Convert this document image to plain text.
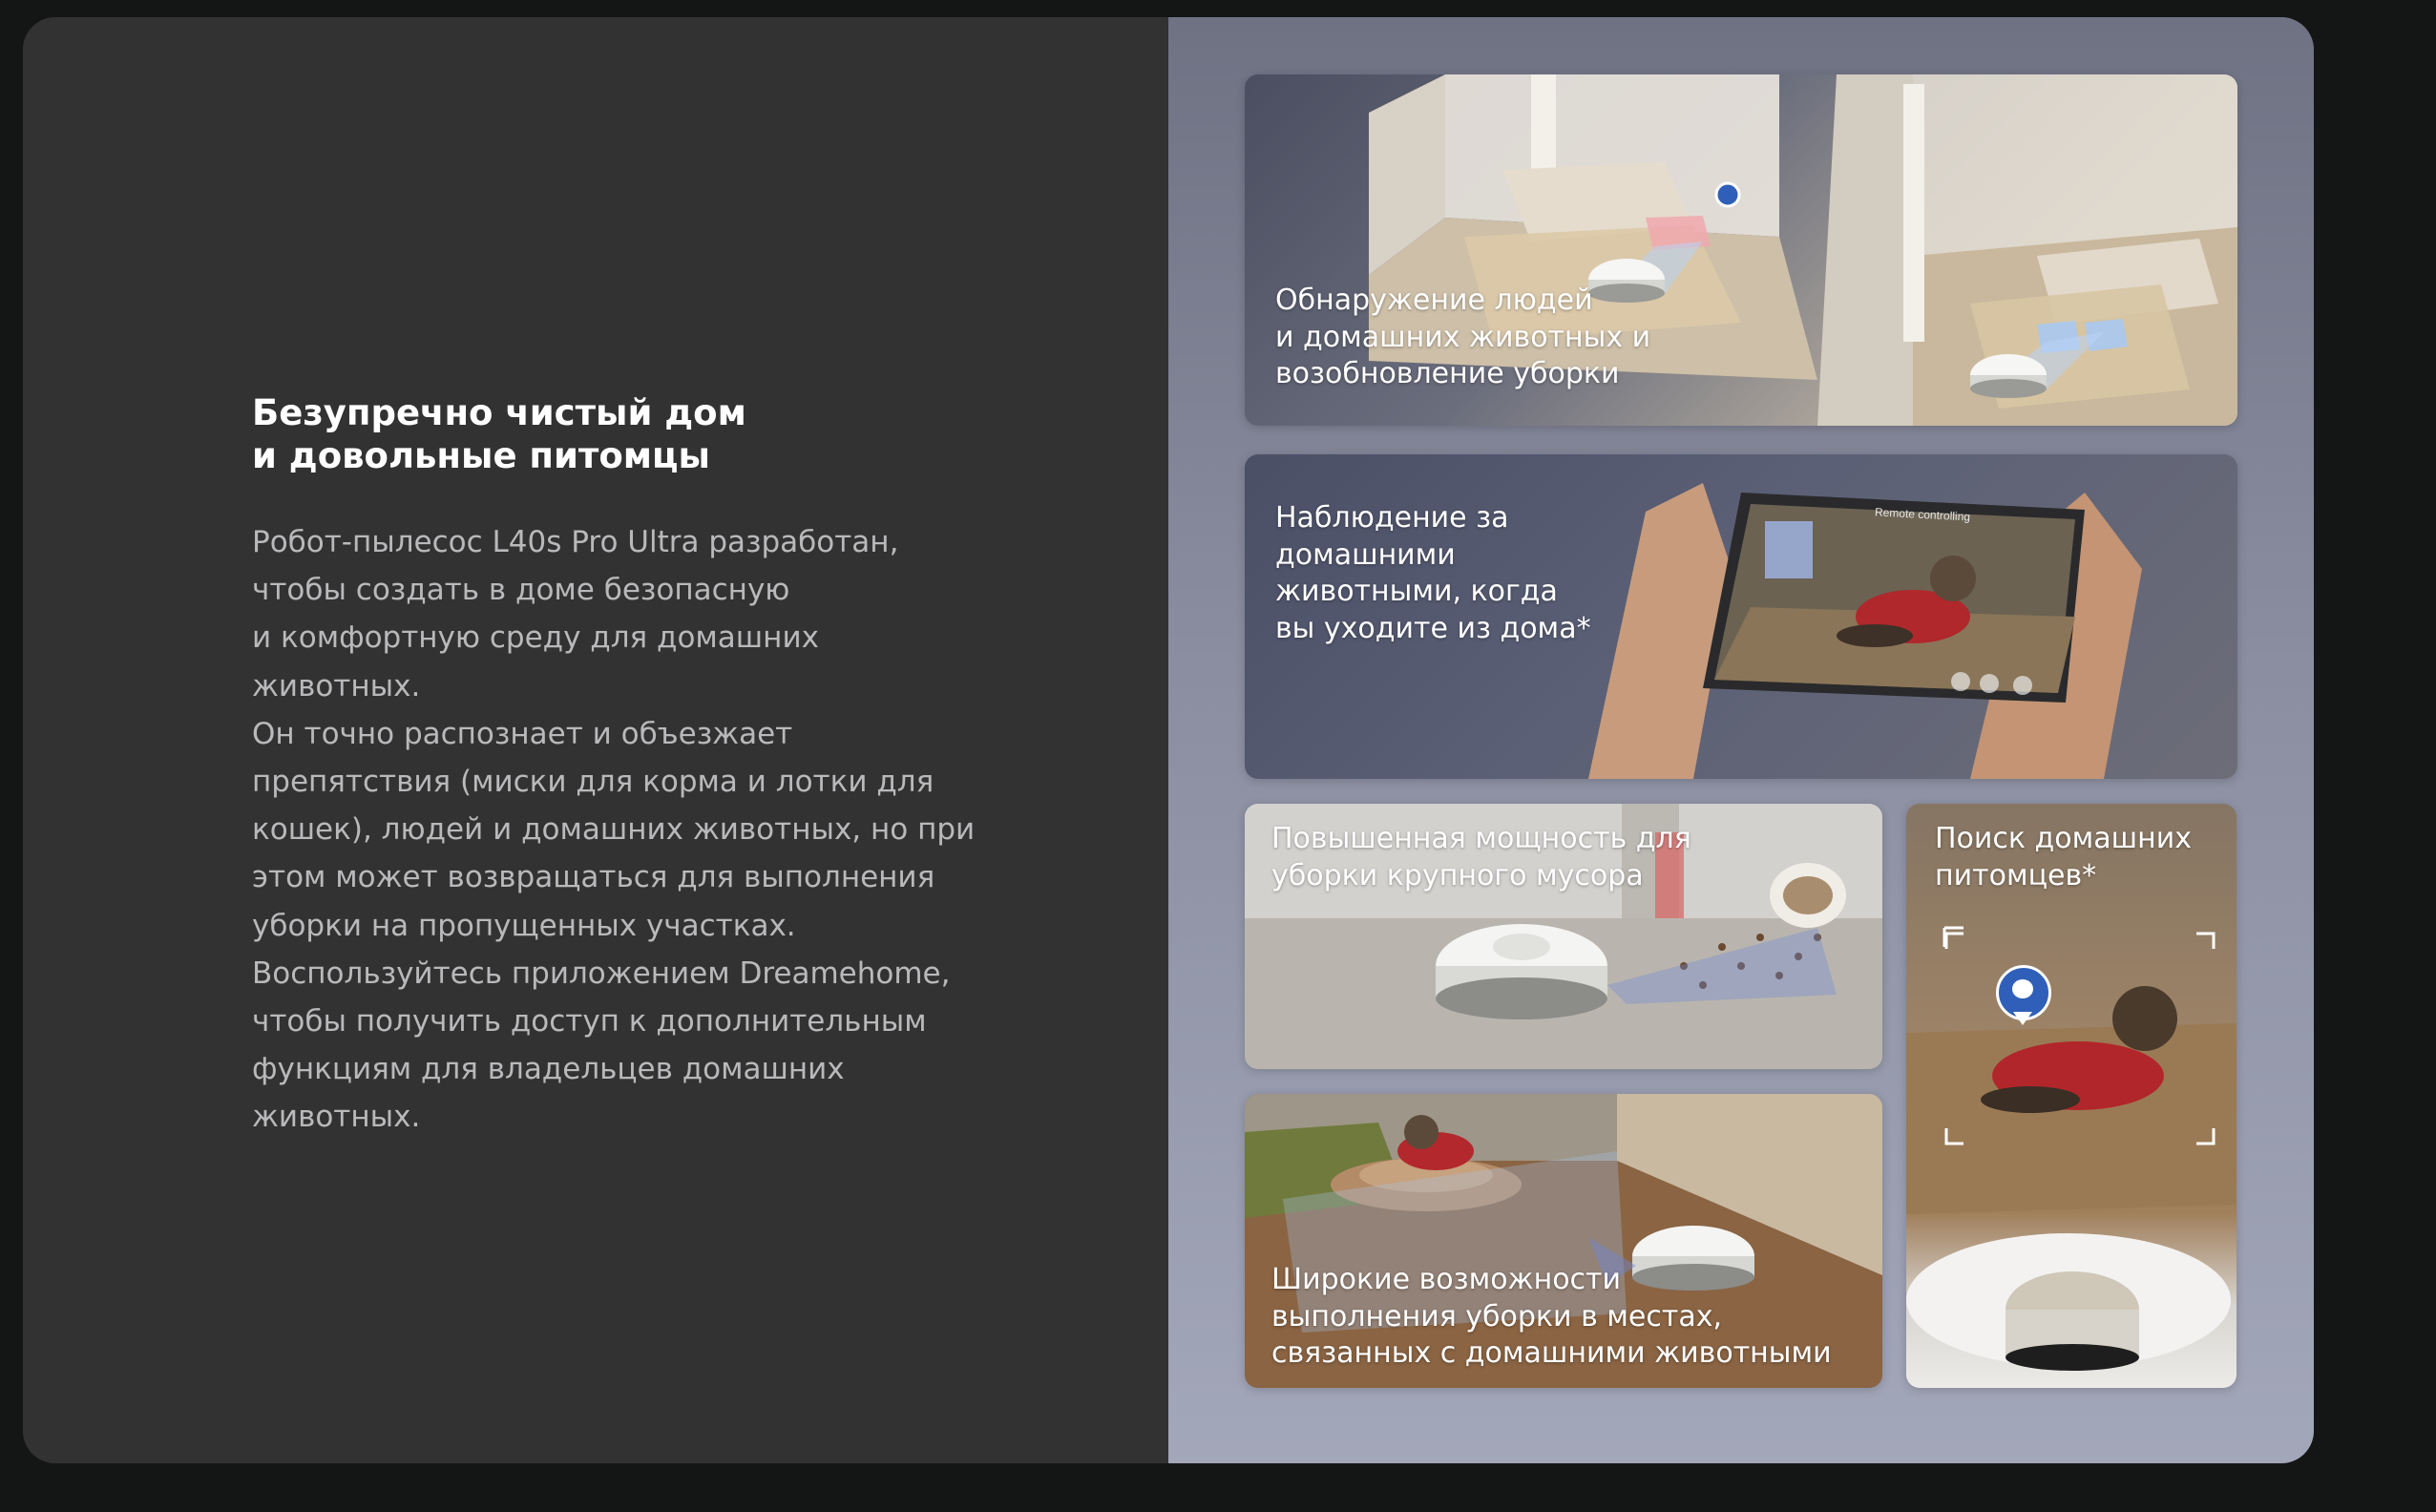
Безупречно чистый дом
и довольные питомцы

Робот-пылесос L40s Pro Ultra разработан,
чтобы создать в доме безопасную
и комфортную среду для домашних животных.
Он точно распознает и объезжает
препятствия (миски для корма и лотки для
кошек), людей и домашних животных, но при
этом может возвращаться для выполнения
уборки на пропущенных участках.
Воспользуйтесь приложением Dreamehome,
чтобы получить доступ к дополнительным
функциям для владельцев домашних
животных.

Обнаружение людей
и домашних животных и
возобновление уборки

Remote controlling

Наблюдение за
домашними
животными, когда
вы уходите из дома*

Повышенная мощность для
уборки крупного мусора

Поиск домашних
питомцев*

Широкие возможности
выполнения уборки в местах,
связанных с домашними животными
